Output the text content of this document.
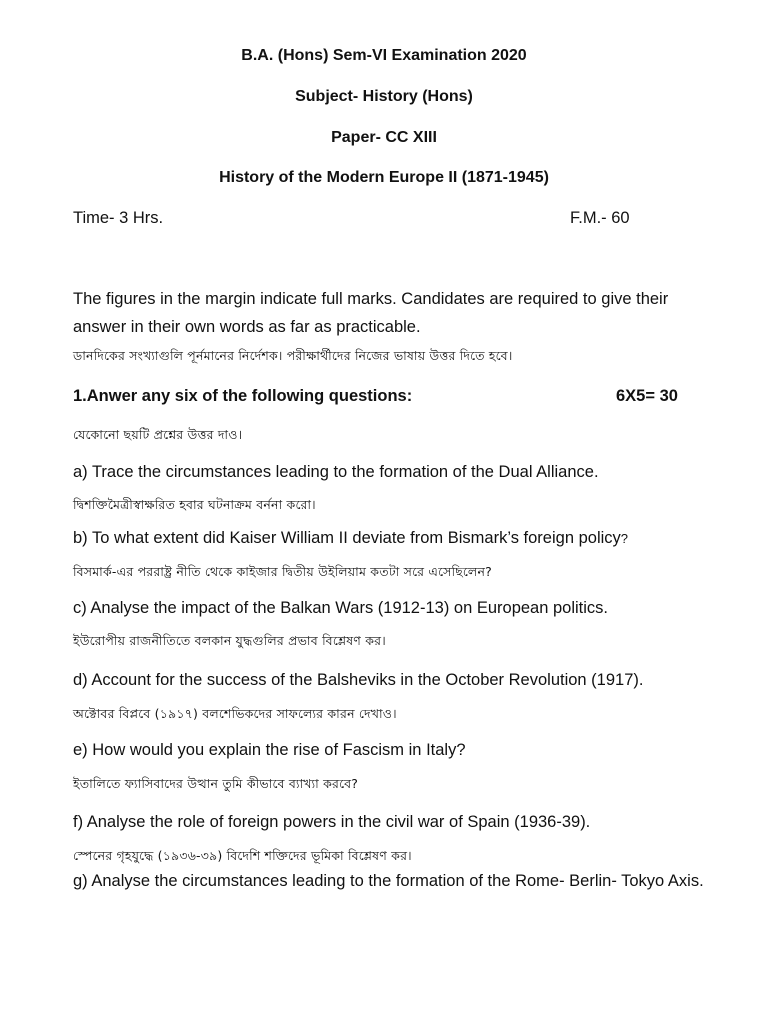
B.A. (Hons) Sem-VI Examination 2020
Subject- History (Hons)
Paper- CC XIII
History of the Modern Europe II (1871-1945)
Time- 3 Hrs.	F.M.- 60
The figures in the margin indicate full marks. Candidates are required to give their answer in their own words as far as practicable.
ডানদিকের সংখ্যাগুলি পূর্নমানের নির্দেশক। পরীক্ষার্থীদের নিজের ভাষায় উত্তর দিতে হবে।
1.Anwer any six of the following questions:	6X5= 30
যেকোনো ছয়টি প্রশ্নের উত্তর দাও।
a) Trace the circumstances leading to the formation of the Dual Alliance.
দ্বিশক্তিমৈত্রীস্বাক্ষরিত হবার ঘটনাক্রম বর্ননা করো।
b) To what extent did Kaiser William II deviate from Bismark’s foreign policy?
বিসমার্ক-এর পররাষ্ট্র নীতি থেকে কাইজার দ্বিতীয় উইলিয়াম কতটা সরে এসেছিলেন?
c) Analyse the impact of the Balkan Wars (1912-13) on European politics.
ইউরোপীয় রাজনীতিতে বলকান যুদ্ধগুলির প্রভাব বিশ্লেষণ কর।
d) Account for the success of the Balsheviks in the October Revolution (1917).
অক্টোবর বিপ্লবে (১৯১৭) বলশেভিকদের সাফল্যের কারন দেখাও।
e) How would you explain the rise of Fascism in Italy?
ইতালিতে ফ্যাসিবাদের উত্থান তুমি কীভাবে ব্যাখ্যা করবে?
f) Analyse the role of foreign powers in the civil war of Spain (1936-39).
স্পেনের গৃহযুদ্ধে (১৯৩৬-৩৯) বিদেশি শক্তিদের ভূমিকা বিশ্লেষণ কর।
g) Analyse the circumstances leading to the formation of the Rome- Berlin- Tokyo Axis.
